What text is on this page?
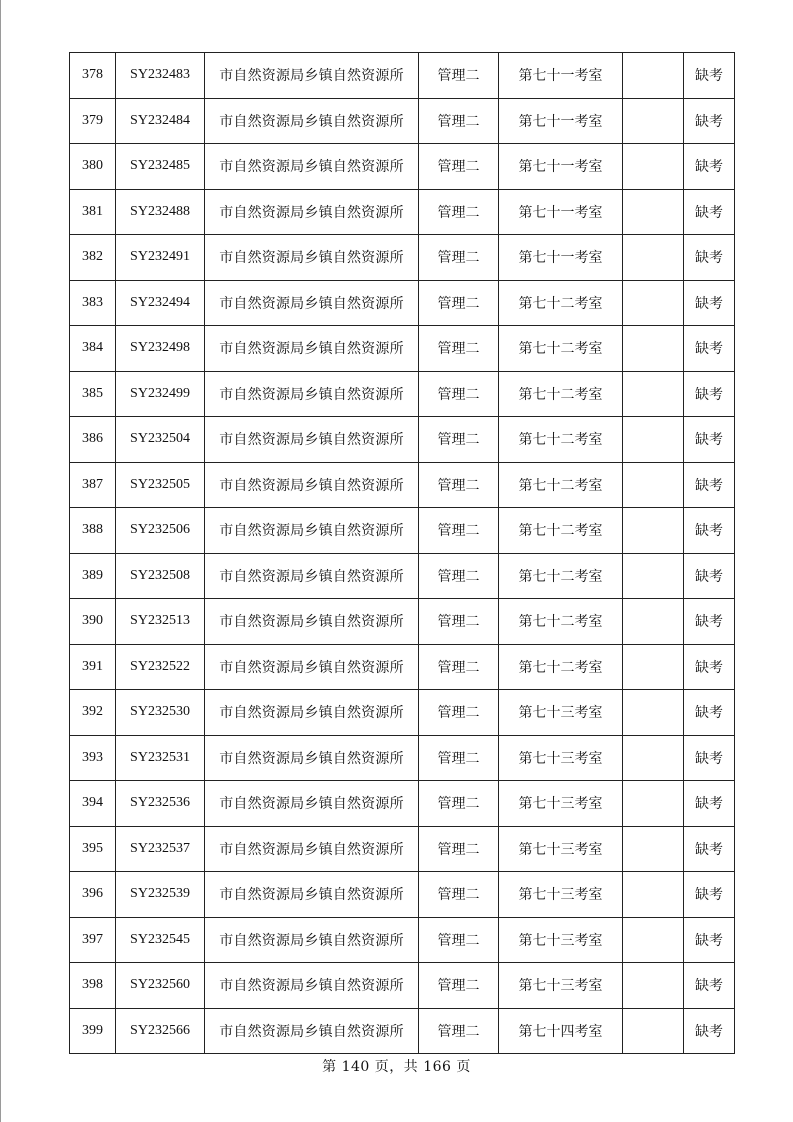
378	SY232483	市自然资源局乡镇自然资源所	管理二	第七十一考室		缺考
379	SY232484	市自然资源局乡镇自然资源所	管理二	第七十一考室		缺考
380	SY232485	市自然资源局乡镇自然资源所	管理二	第七十一考室		缺考
381	SY232488	市自然资源局乡镇自然资源所	管理二	第七十一考室		缺考
382	SY232491	市自然资源局乡镇自然资源所	管理二	第七十一考室		缺考
383	SY232494	市自然资源局乡镇自然资源所	管理二	第七十二考室		缺考
384	SY232498	市自然资源局乡镇自然资源所	管理二	第七十二考室		缺考
385	SY232499	市自然资源局乡镇自然资源所	管理二	第七十二考室		缺考
386	SY232504	市自然资源局乡镇自然资源所	管理二	第七十二考室		缺考
387	SY232505	市自然资源局乡镇自然资源所	管理二	第七十二考室		缺考
388	SY232506	市自然资源局乡镇自然资源所	管理二	第七十二考室		缺考
389	SY232508	市自然资源局乡镇自然资源所	管理二	第七十二考室		缺考
390	SY232513	市自然资源局乡镇自然资源所	管理二	第七十二考室		缺考
391	SY232522	市自然资源局乡镇自然资源所	管理二	第七十二考室		缺考
392	SY232530	市自然资源局乡镇自然资源所	管理二	第七十三考室		缺考
393	SY232531	市自然资源局乡镇自然资源所	管理二	第七十三考室		缺考
394	SY232536	市自然资源局乡镇自然资源所	管理二	第七十三考室		缺考
395	SY232537	市自然资源局乡镇自然资源所	管理二	第七十三考室		缺考
396	SY232539	市自然资源局乡镇自然资源所	管理二	第七十三考室		缺考
397	SY232545	市自然资源局乡镇自然资源所	管理二	第七十三考室		缺考
398	SY232560	市自然资源局乡镇自然资源所	管理二	第七十三考室		缺考
399	SY232566	市自然资源局乡镇自然资源所	管理二	第七十四考室		缺考
第 140 页，共 166 页
